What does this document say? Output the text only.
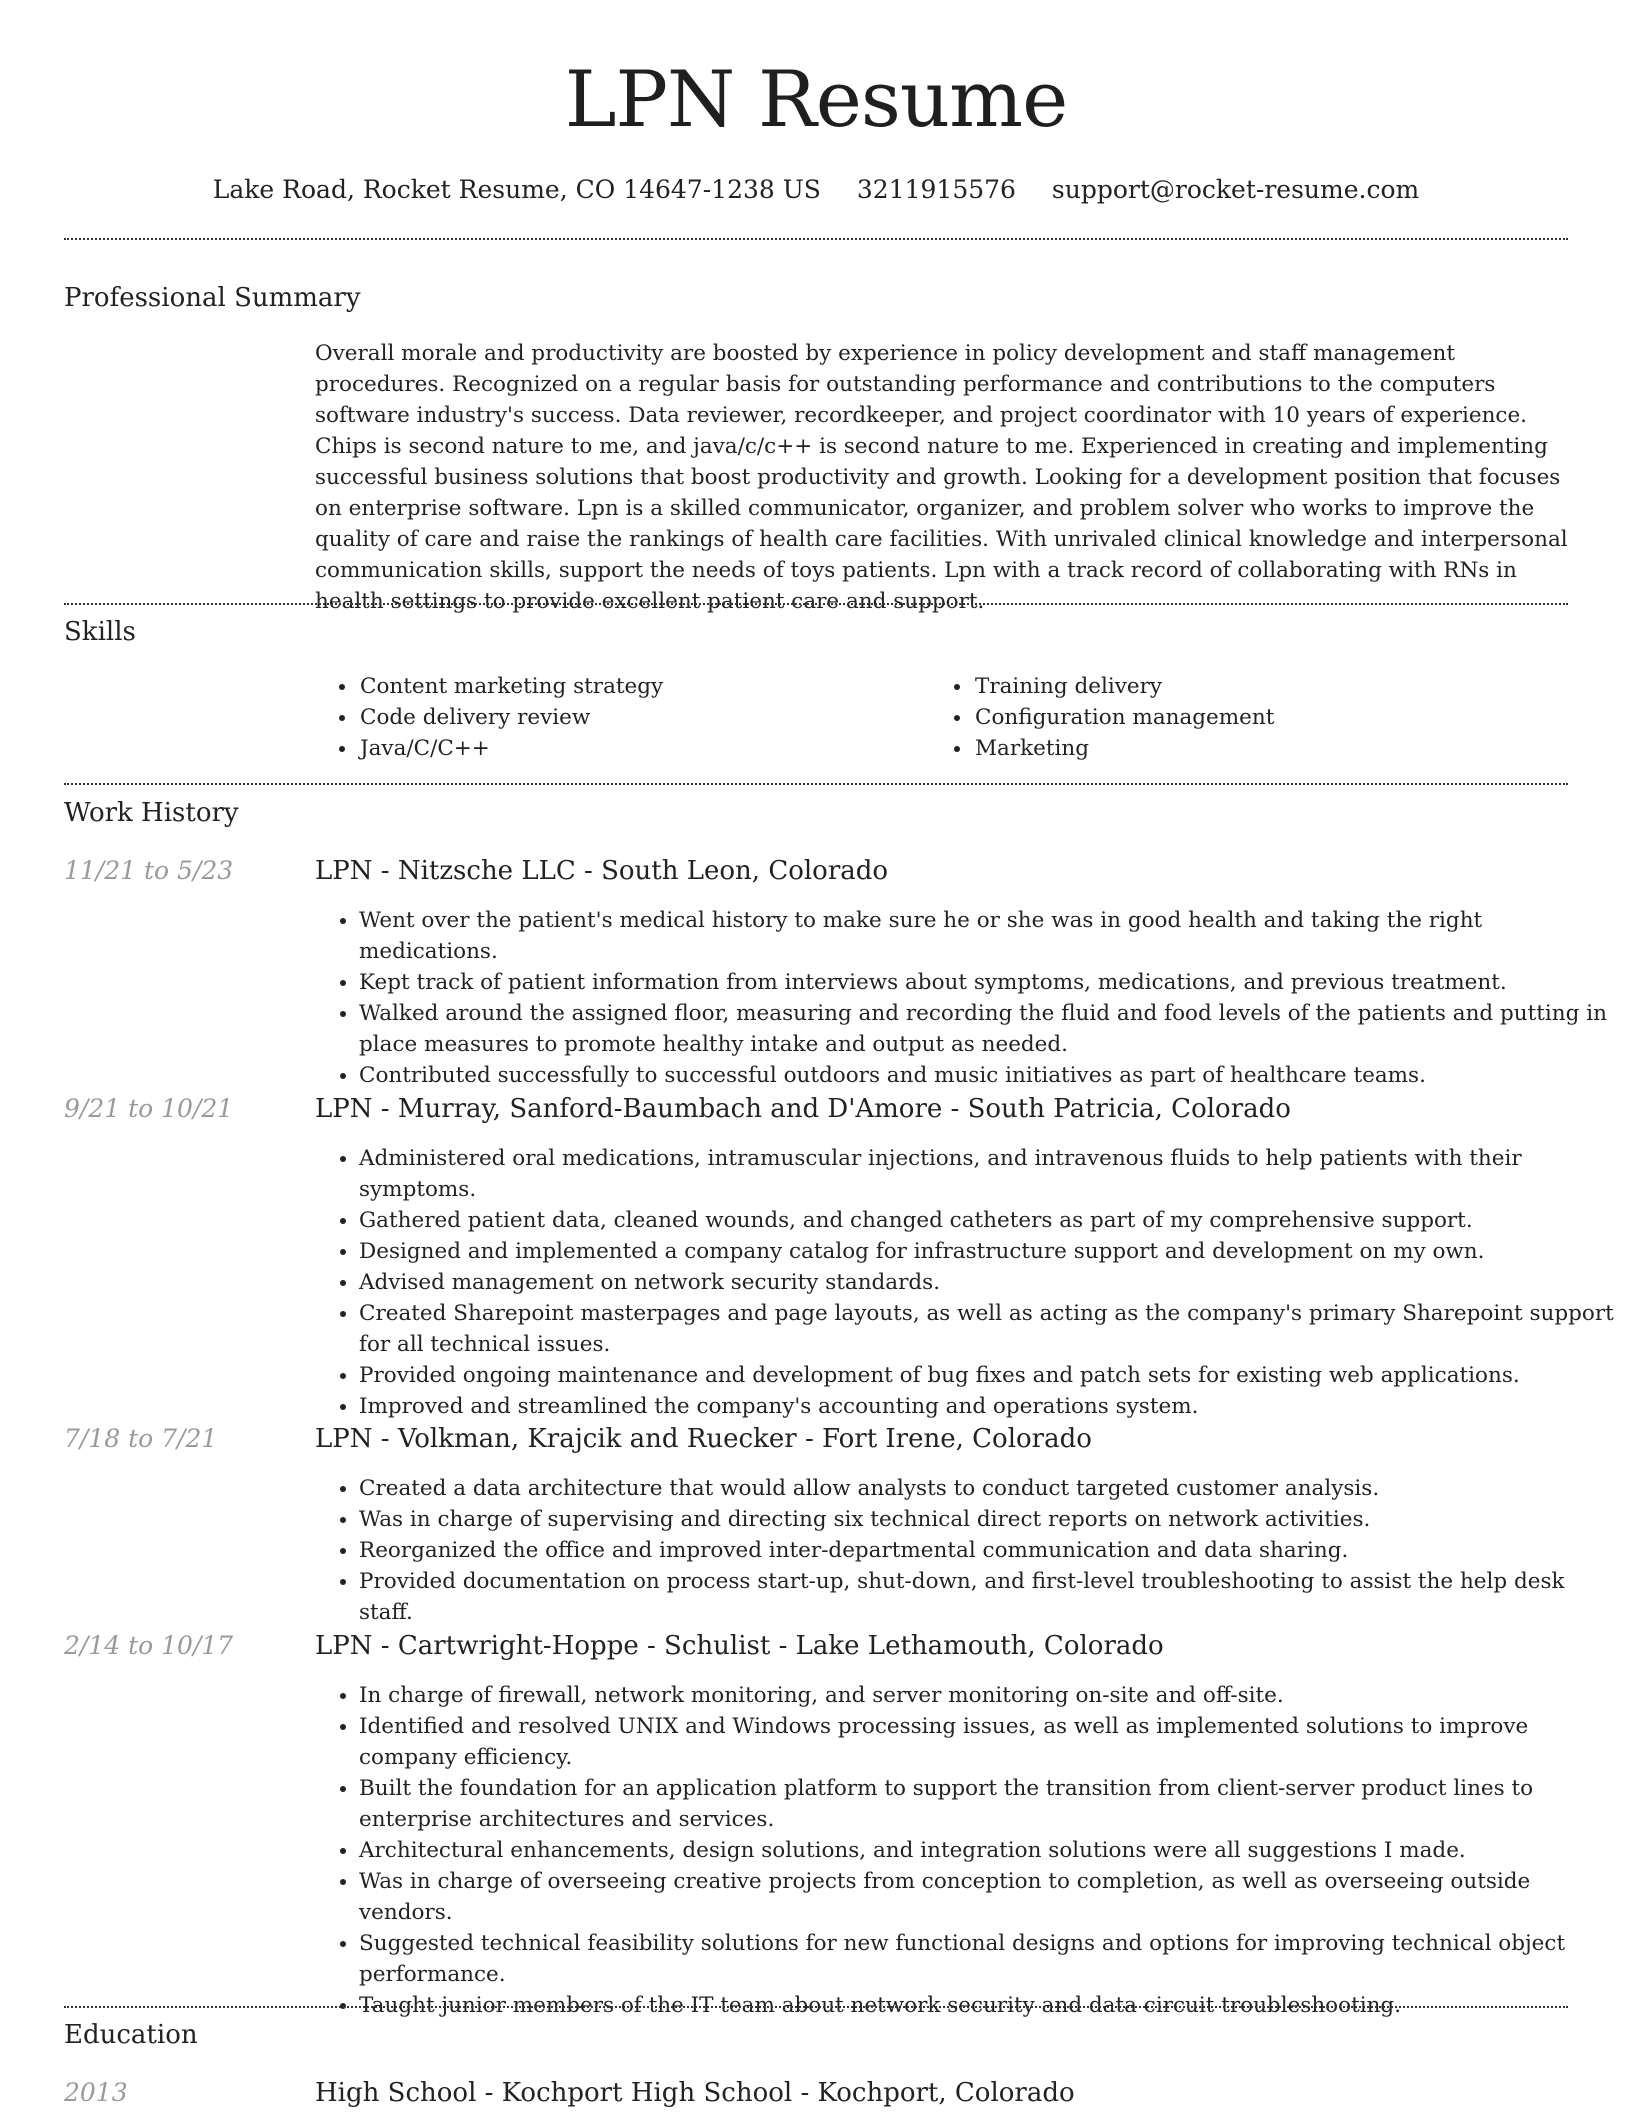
LPN Resume
Lake Road, Rocket Resume, CO 14647-1238 US 3211915576 support@rocket-resume.com
Professional Summary

Overall morale and productivity are boosted by experience in policy development and staff management procedures. Recognized on a regular basis for outstanding performance and contributions to the computers software industry's success. Data reviewer, recordkeeper, and project coordinator with 10 years of experience. Chips is second nature to me, and java/c/c++ is second nature to me. Experienced in creating and implementing successful business solutions that boost productivity and growth. Looking for a development position that focuses on enterprise software. Lpn is a skilled communicator, organizer, and problem solver who works to improve the quality of care and raise the rankings of health care facilities. With unrivaled clinical knowledge and interpersonal communication skills, support the needs of toys patients. Lpn with a track record of collaborating with RNs in health settings to provide excellent patient care and support.

Skills
• Content marketing strategy
• Code delivery review
• Java/C/C++
• Training delivery
• Configuration management
• Marketing
Work History
11/21 to 5/23	LPN - Nitzsche LLC - South Leon, Colorado
• Went over the patient's medical history to make sure he or she was in good health and taking the right medications.
• Kept track of patient information from interviews about symptoms, medications, and previous treatment.
• Walked around the assigned floor, measuring and recording the fluid and food levels of the patients and putting in place measures to promote healthy intake and output as needed.
• Contributed successfully to successful outdoors and music initiatives as part of healthcare teams.
9/21 to 10/21	LPN - Murray, Sanford-Baumbach and D'Amore - South Patricia, Colorado
• Administered oral medications, intramuscular injections, and intravenous fluids to help patients with their symptoms.
• Gathered patient data, cleaned wounds, and changed catheters as part of my comprehensive support.
• Designed and implemented a company catalog for infrastructure support and development on my own.
• Advised management on network security standards.
• Created Sharepoint masterpages and page layouts, as well as acting as the company's primary Sharepoint support for all technical issues.
• Provided ongoing maintenance and development of bug fixes and patch sets for existing web applications.
• Improved and streamlined the company's accounting and operations system.
7/18 to 7/21	LPN - Volkman, Krajcik and Ruecker - Fort Irene, Colorado
• Created a data architecture that would allow analysts to conduct targeted customer analysis.
• Was in charge of supervising and directing six technical direct reports on network activities.
• Reorganized the office and improved inter-departmental communication and data sharing.
• Provided documentation on process start-up, shut-down, and first-level troubleshooting to assist the help desk staff.
2/14 to 10/17	LPN - Cartwright-Hoppe - Schulist - Lake Lethamouth, Colorado
• In charge of firewall, network monitoring, and server monitoring on-site and off-site.
• Identified and resolved UNIX and Windows processing issues, as well as implemented solutions to improve company efficiency.
• Built the foundation for an application platform to support the transition from client-server product lines to enterprise architectures and services.
• Architectural enhancements, design solutions, and integration solutions were all suggestions I made.
• Was in charge of overseeing creative projects from conception to completion, as well as overseeing outside vendors.
• Suggested technical feasibility solutions for new functional designs and options for improving technical object performance.
• Taught junior members of the IT team about network security and data circuit troubleshooting.
Education
2013	High School - Kochport High School - Kochport, Colorado
